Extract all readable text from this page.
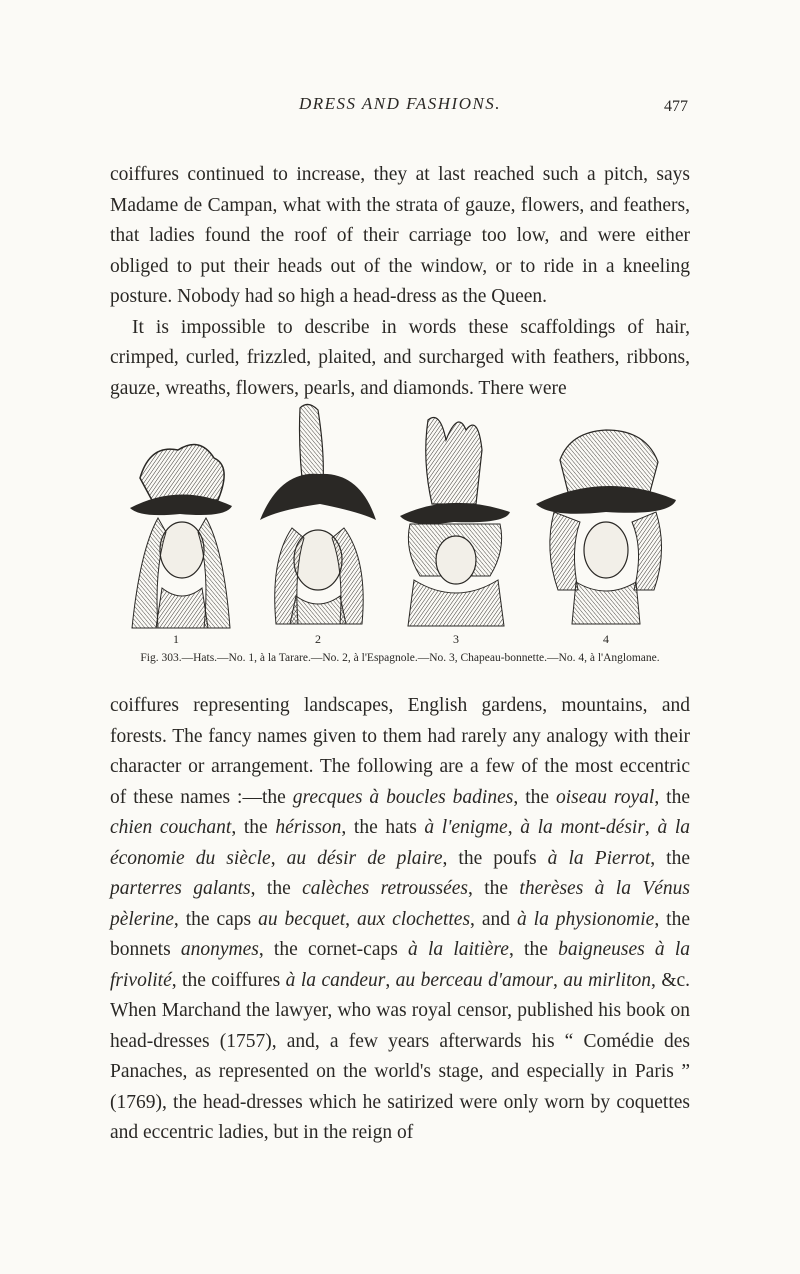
DRESS AND FASHIONS.	477

coiffures continued to increase, they at last reached such a pitch, says Madame de Campan, what with the strata of gauze, flowers, and feathers, that ladies found the roof of their carriage too low, and were either obliged to put their heads out of the window, or to ride in a kneeling posture. Nobody had so high a head-dress as the Queen.

It is impossible to describe in words these scaffoldings of hair, crimped, curled, frizzled, plaited, and surcharged with feathers, ribbons, gauze, wreaths, flowers, pearls, and diamonds. There were

1	2	3	4
Fig. 303.—Hats.—No. 1, à la Tarare.—No. 2, à l'Espagnole.—No. 3, Chapeau-bonnette.—No. 4, à l'Anglomane.

coiffures representing landscapes, English gardens, mountains, and forests. The fancy names given to them had rarely any analogy with their character or arrangement. The following are a few of the most eccentric of these names :—the grecques à boucles badines, the oiseau royal, the chien couchant, the hérisson, the hats à l'enigme, à la mont-désir, à la économie du siècle, au désir de plaire, the poufs à la Pierrot, the parterres galants, the calèches retroussées, the therèses à la Vénus pèlerine, the caps au becquet, aux clochettes, and à la physionomie, the bonnets anonymes, the cornet-caps à la laitière, the baigneuses à la frivolité, the coiffures à la candeur, au berceau d'amour, au mirliton, &c. When Marchand the lawyer, who was royal censor, published his book on head-dresses (1757), and, a few years afterwards his “ Comédie des Panaches, as represented on the world's stage, and especially in Paris ” (1769), the head-dresses which he satirized were only worn by coquettes and eccentric ladies, but in the reign of
